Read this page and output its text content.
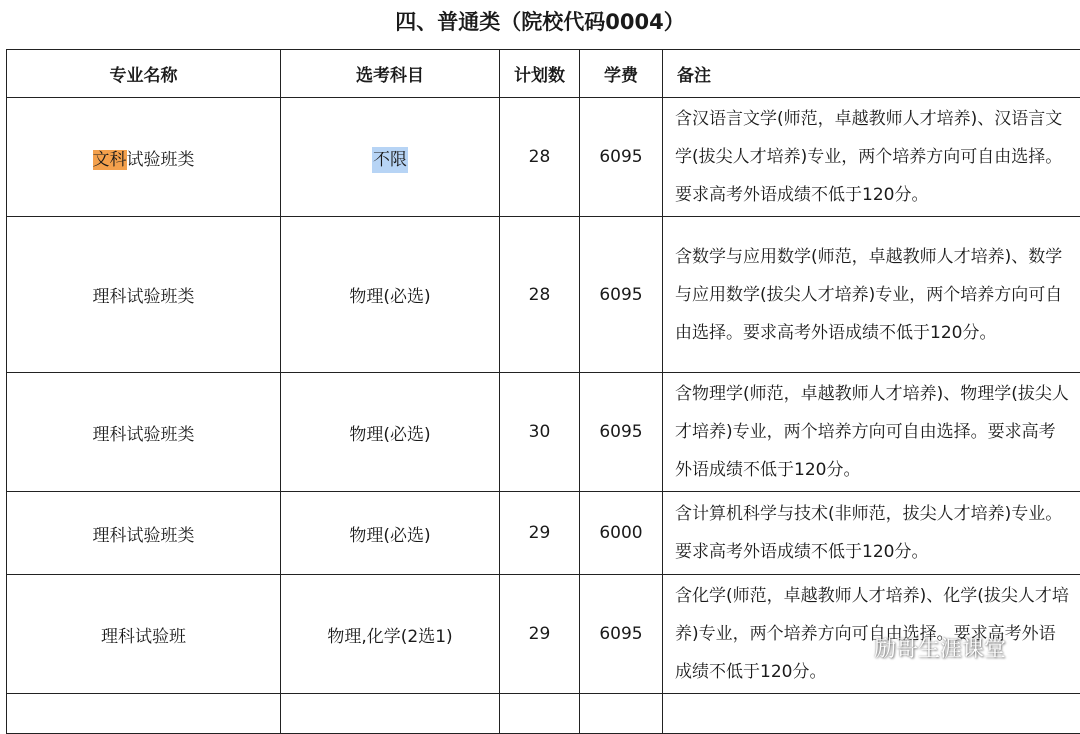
四、普通类（院校代码0004）
专业名称	选考科目	计划数	学费	备注
文科试验班类	不限	28	6095	含汉语言文学(师范，卓越教师人才培养)、汉语言文学(拔尖人才培养)专业，两个培养方向可自由选择。要求高考外语成绩不低于120分。
理科试验班类	物理(必选)	28	6095	含数学与应用数学(师范，卓越教师人才培养)、数学与应用数学(拔尖人才培养)专业，两个培养方向可自由选择。要求高考外语成绩不低于120分。
理科试验班类	物理(必选)	30	6095	含物理学(师范，卓越教师人才培养)、物理学(拔尖人才培养)专业，两个培养方向可自由选择。要求高考外语成绩不低于120分。
理科试验班类	物理(必选)	29	6000	含计算机科学与技术(非师范，拔尖人才培养)专业。要求高考外语成绩不低于120分。
理科试验班	物理,化学(2选1)	29	6095	含化学(师范，卓越教师人才培养)、化学(拔尖人才培养)专业，两个培养方向可自由选择。要求高考外语成绩不低于120分。

励哥生涯课堂
